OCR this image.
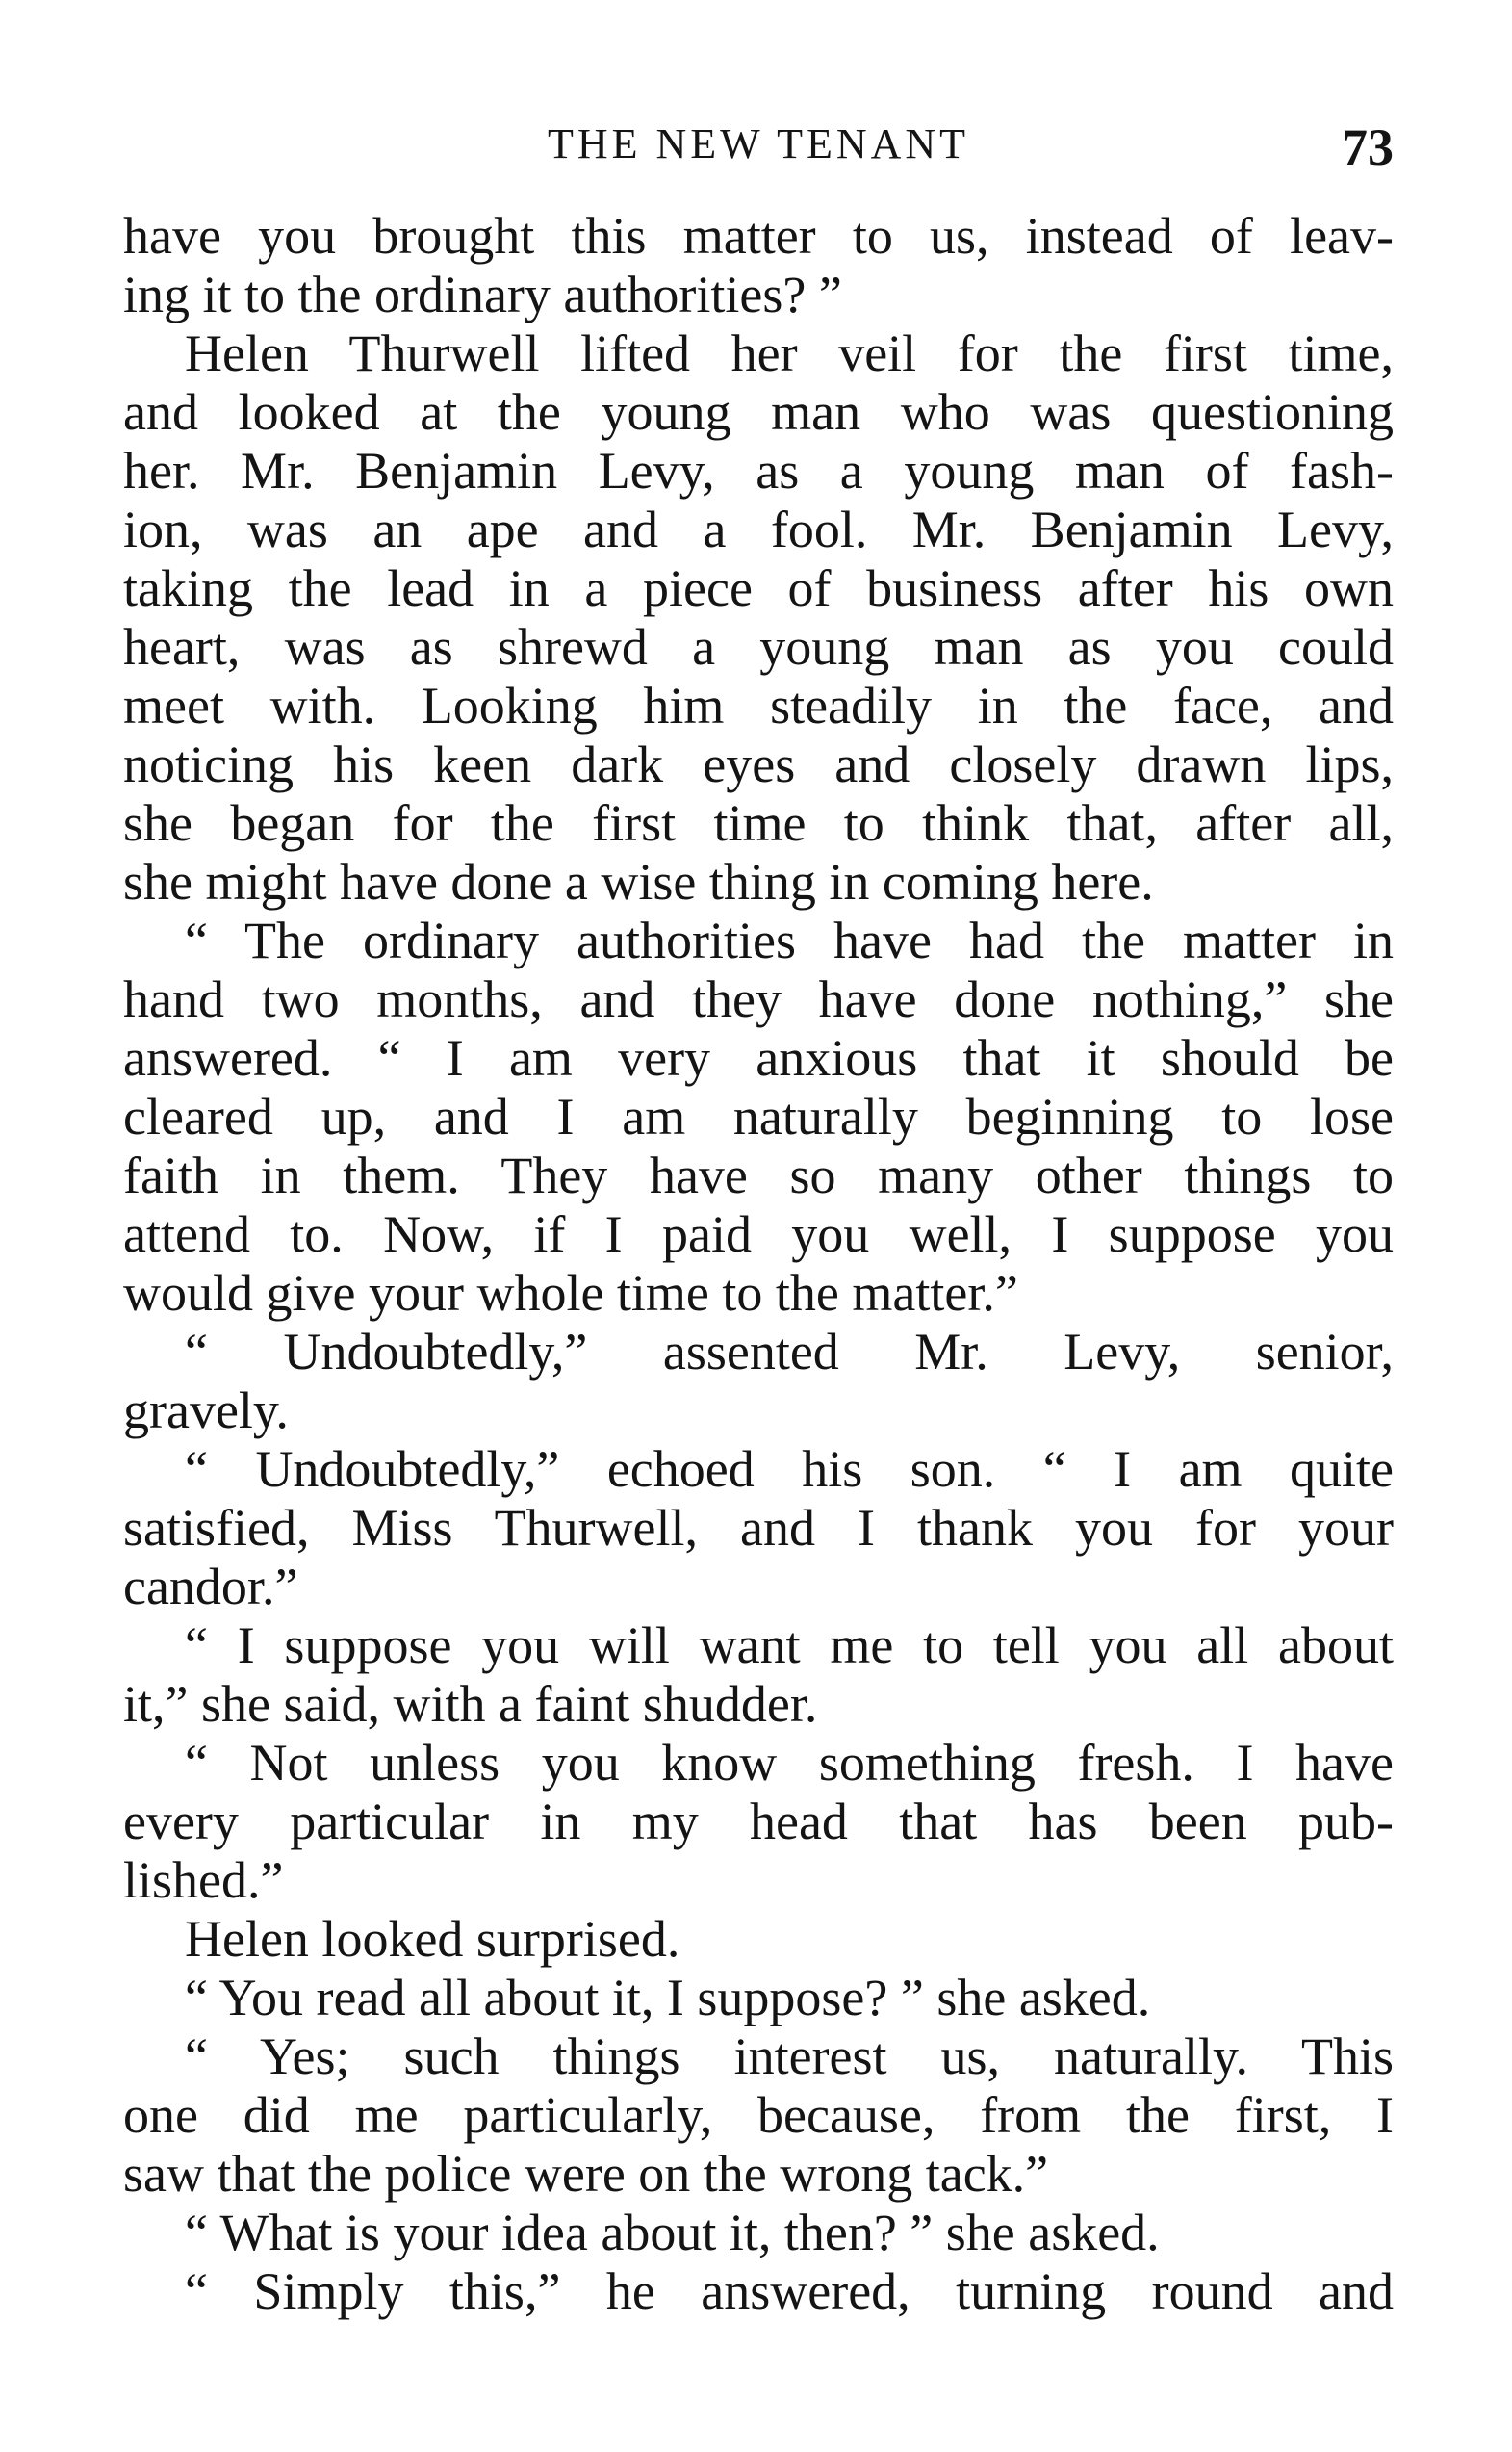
THE NEW TENANT	73
have you brought this matter to us, instead of leav-
ing it to the ordinary authorities? ”
Helen Thurwell lifted her veil for the first time,
and looked at the young man who was questioning
her. Mr. Benjamin Levy, as a young man of fash-
ion, was an ape and a fool. Mr. Benjamin Levy,
taking the lead in a piece of business after his own
heart, was as shrewd a young man as you could
meet with. Looking him steadily in the face, and
noticing his keen dark eyes and closely drawn lips,
she began for the first time to think that, after all,
she might have done a wise thing in coming here.
“ The ordinary authorities have had the matter in
hand two months, and they have done nothing,” she
answered. “ I am very anxious that it should be
cleared up, and I am naturally beginning to lose
faith in them. They have so many other things to
attend to. Now, if I paid you well, I suppose you
would give your whole time to the matter.”
“ Undoubtedly,” assented Mr. Levy, senior,
gravely.
“ Undoubtedly,” echoed his son. “ I am quite
satisfied, Miss Thurwell, and I thank you for your
candor.”
“ I suppose you will want me to tell you all about
it,” she said, with a faint shudder.
“ Not unless you know something fresh. I have
every particular in my head that has been pub-
lished.”
Helen looked surprised.
“ You read all about it, I suppose? ” she asked.
“ Yes; such things interest us, naturally. This
one did me particularly, because, from the first, I
saw that the police were on the wrong tack.”
“ What is your idea about it, then? ” she asked.
“ Simply this,” he answered, turning round and
